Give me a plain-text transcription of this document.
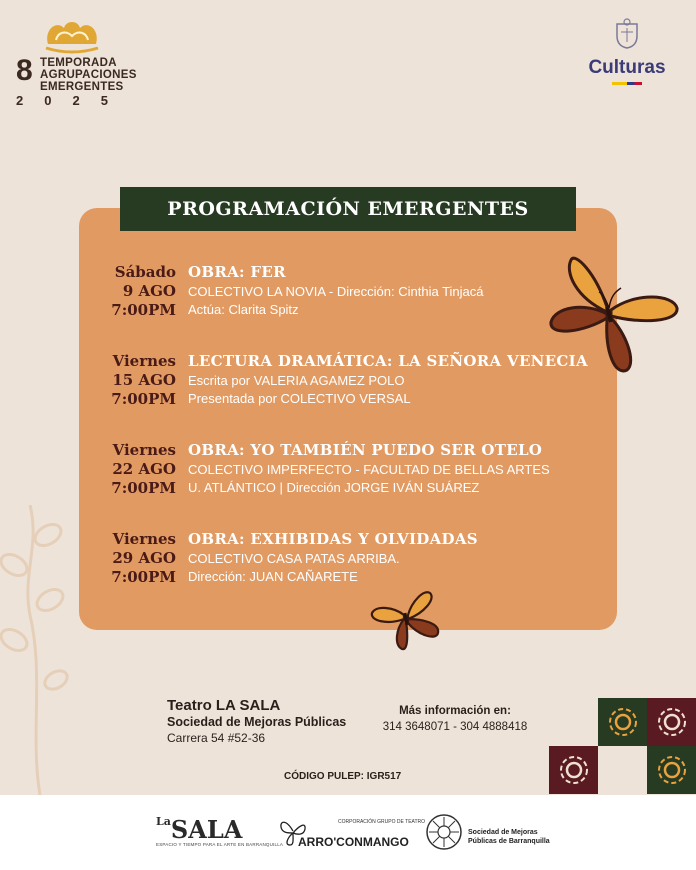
8 TEMPORADA
AGRUPACIONES
EMERGENTES
2025
Culturas
PROGRAMACIÓN EMERGENTES
Sábado
9 AGO
7:00PM
OBRA: FER
COLECTIVO LA NOVIA - Dirección: Cinthia Tinjacá
Actúa: Clarita Spitz
Viernes
15 AGO
7:00PM
LECTURA DRAMÁTICA: LA SEÑORA VENECIA
Escrita por VALERIA AGAMEZ POLO
Presentada por COLECTIVO VERSAL
Viernes
22 AGO
7:00PM
OBRA: YO TAMBIÉN PUEDO SER OTELO
COLECTIVO IMPERFECTO - FACULTAD DE BELLAS ARTES
U. ATLÁNTICO | Dirección JORGE IVÁN SUÁREZ
Viernes
29 AGO
7:00PM
OBRA: EXHIBIDAS Y OLVIDADAS
COLECTIVO CASA PATAS ARRIBA.
Dirección: JUAN CAÑARETE
Teatro LA SALA
Sociedad de Mejoras Públicas
Carrera 54 #52-36
Más información en:
314 3648071 - 304 4888418
CÓDIGO PULEP: IGR517
$^{La}$SALA
ESPACIO Y TIEMPO PARA EL ARTE EN BARRANQUILLA
CORPORACIÓN GRUPO DE TEATRO
ARRO'CONMANGO
Sociedad de Mejoras
Públicas de Barranquilla
